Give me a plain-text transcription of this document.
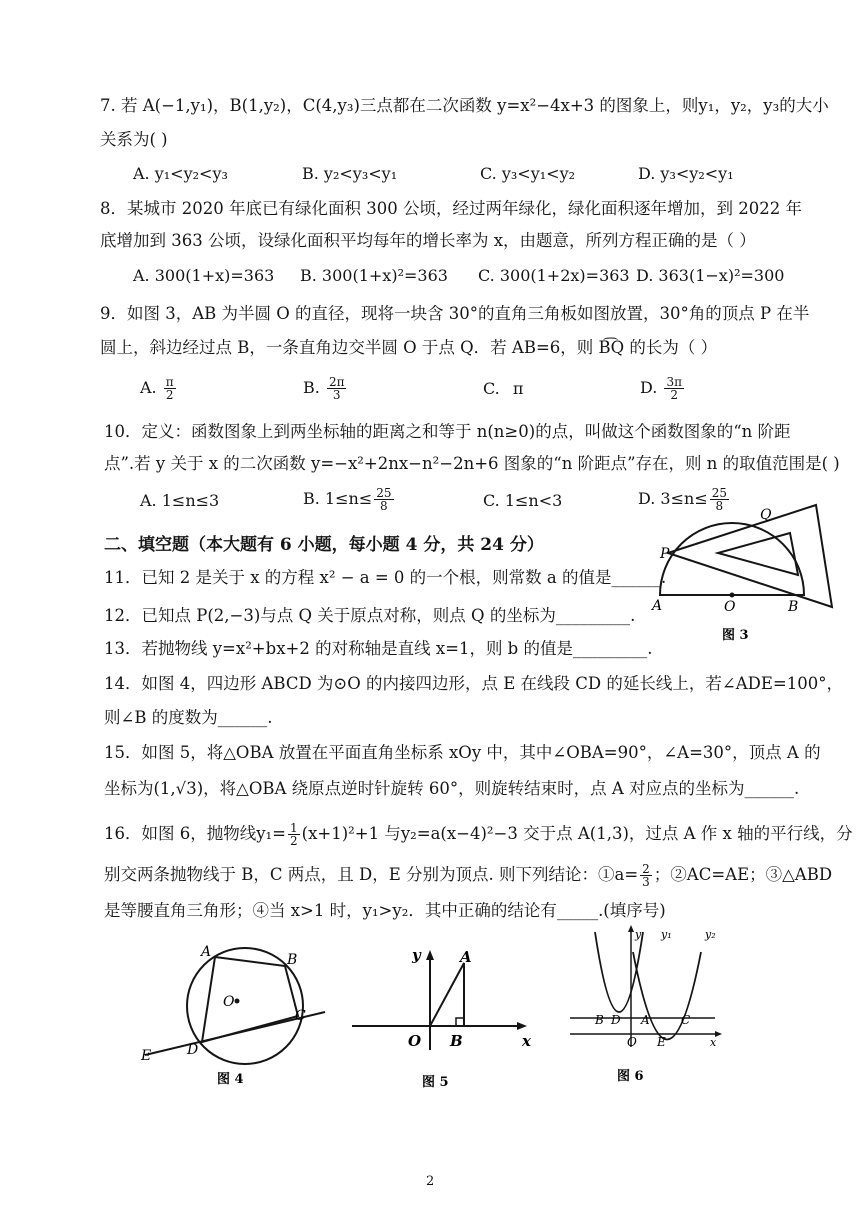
7. 若 A(−1,y₁)，B(1,y₂)，C(4,y₃)三点都在二次函数 y=x²−4x+3 的图象上，则y₁，y₂，y₃的大小
关系为( )
A. y₁<y₂<y₃	B. y₂<y₃<y₁	C. y₃<y₁<y₂	D. y₃<y₂<y₁
8．某城市 2020 年底已有绿化面积 300 公顷，经过两年绿化，绿化面积逐年增加，到 2022 年
底增加到 363 公顷，设绿化面积平均每年的增长率为 x，由题意，所列方程正确的是（ ）
A. 300(1+x)=363 B. 300(1+x)²=363 C. 300(1+2x)=363 D. 363(1−x)²=300
9．如图 3，AB 为半圆 O 的直径，现将一块含 30°的直角三角板如图放置，30°角的顶点 P 在半
圆上，斜边经过点 B，一条直角边交半圆 O 于点 Q．若 AB=6，则 B͡Q 的长为（ ）
A. $\frac{\pi}{2}$	B. $\frac{2\pi}{3}$	C. π	D. $\frac{3\pi}{2}$
10．定义：函数图象上到两坐标轴的距离之和等于 n(n≥0)的点，叫做这个函数图象的“n 阶距
点”.若 y 关于 x 的二次函数 y=−x²+2nx−n²−2n+6 图象的“n 阶距点”存在，则 n 的取值范围是( )
A. 1≤n≤3	B. $1\le n\le \frac{25}{8}$	C. 1≤n<3	D. $3\le n\le \frac{25}{8}$
二、填空题（本大题有 6 小题，每小题 4 分，共 24 分）
11．已知 2 是关于 x 的方程 x² − a = 0 的一个根，则常数 a 的值是______.
12．已知点 P(2,−3)与点 Q 关于原点对称，则点 Q 的坐标为_________.
13．若抛物线 y=x²+bx+2 的对称轴是直线 x=1，则 b 的值是_________.
14．如图 4，四边形 ABCD 为⊙O 的内接四边形，点 E 在线段 CD 的延长线上，若∠ADE=100°，
则∠B 的度数为______.
15．如图 5，将△OBA 放置在平面直角坐标系 xOy 中，其中∠OBA=90°，∠A=30°，顶点 A 的
坐标为(1,√3)，将△OBA 绕原点逆时针旋转 60°，则旋转结束时，点 A 对应点的坐标为______.
16．如图 6，抛物线$y_1= \frac{1}{2} (x+1)^2+1$ 与y₂=a(x−4)²−3 交于点 A(1,3)，过点 A 作 x 轴的平行线，分
别交两条抛物线于 B，C 两点，且 D，E 分别为顶点. 则下列结论：①a= $\frac{2}{3}$ ；②AC=AE；③△ABD
是等腰直角三角形；④当 x>1 时，y₁>y₂．其中正确的结论有_____.(填序号)
P
Q
A	O	B
图 3
A	B
C
D
E
O
图 4
y	A
O B	x
图 5
y y₁	y₂
B D A	C
O E	x
图 6
2
